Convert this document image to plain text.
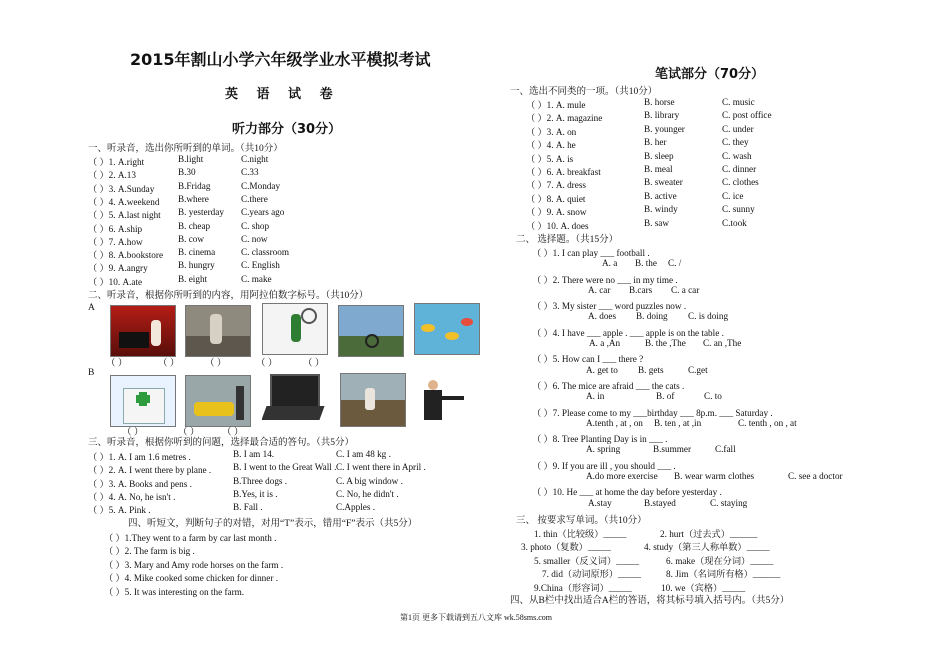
2015年割山小学六年级学业水平模拟考试
英 语 试 卷
听力部分（30分）
笔试部分（70分）
一、听录音，选出你所听到的单词。（共10分）
（ ）1. A.right	B.light	C.night
（ ）2. A.13	B.30	C.33
（ ）3. A.Sunday	B.Fridag	C.Monday
（ ）4. A.weekend B.where	C.there
（ ）5. A.last night B. yesterday C.years ago
（ ）6. A.ship	B. cheap	C. shop
（ ）7. A.how	B. cow	C. now
（ ）8. A.bookstore B. cinema	C. classroom
（ ）9. A.angry	B. hungry	C. English
（ ）10. A.ate	B. eight	C. make
二、听录音，根据你所听到的内容，用阿拉伯数字标号。（共10分）
A
B
（ ）	（ ）	（ ）	（ ）	（ ）
（ ）	（ ） （ ）
三、听录音，根据你听到的问题，选择最合适的答句。（共5分）
（ ）1. A. I am 1.6 metres .	B. I am 14.	C. I am 48 kg .
（ ）2. A. I went there by plane . B. I went to the Great Wall . C. I went there in April .
（ ）3. A. Books and pens .	B.Three dogs .	C. A big window .
（ ）4. A. No, he isn't .	B.Yes, it is .	C. No, he didn't .
（ ）5. A. Pink .	B. Fall .	C.Apples .
四、听短文，判断句子的对错，对用“T”表示，错用“F”表示（共5分）
（ ）1.They went to a farm by car last month .
（ ）2. The farm is big .
（ ）3. Mary and Amy rode horses on the farm .
（ ）4. Mike cooked some chicken for dinner .
（ ）5. It was interesting on the farm.
一、选出不同类的一项。（共10分）
（ ）1. A. mule	B. horse	C. music
（ ）2. A. magazine	B. library	C. post office
（ ）3. A. on	B. younger	C. under
（ ）4. A. he	B. her	C. they
（ ）5. A. is	B. sleep	C. wash
（ ）6. A. breakfast	B. meal	C. dinner
（ ）7. A. dress	B. sweater	C. clothes
（ ）8. A. quiet	B. active	C. ice
（ ）9. A. snow	B. windy	C. sunny
（ ）10. A. does	B. saw	C.took
二、 选择题。（共15分）
（ ）1. I can play ___ football .
A. a B. the C. /
（ ）2. There were no ___ in my time .
A. car B.cars C. a car
（ ）3. My sister ___ word puzzles now .
A. does B. doing C. is doing
（ ）4. I have ___ apple . ___ apple is on the table .
A. a ,An	B. the ,The C. an ,The
（ ）5. How can I ___ there ?
A. get to B. gets	C.get
（ ）6. The mice are afraid ___ the cats .
A. in	B. of	C. to
（ ）7. Please come to my ___birthday ___ 8p.m. ___ Saturday .
A.tenth , at , on B. ten , at ,in	C. tenth , on , at
（ ）8. Tree Planting Day is in ___ .
A. spring	B.summer	C.fall
（ ）9. If you are ill , you should ___ .
A.do more exercise B. wear warm clothes	C. see a doctor
（ ）10. He ___ at home the day before yesterday .
A.stay	B.stayed	C. staying
三、 按要求写单词。（共10分）
1. thin（比较级）_____	2. hurt（过去式）______
3. photo（复数）_____	4. study（第三人称单数）_____
5. smaller（反义词）_____	6. make（现在分词）_____
7. did（动词原形）_____	8. Jim（名词所有格）______
9.China（形容词）_____	10. we（宾格）_____
四、从B栏中找出适合A栏的答语，将其标号填入括号内。（共5分）
第1页 更多下载请到五八文库 wk.58sms.com
